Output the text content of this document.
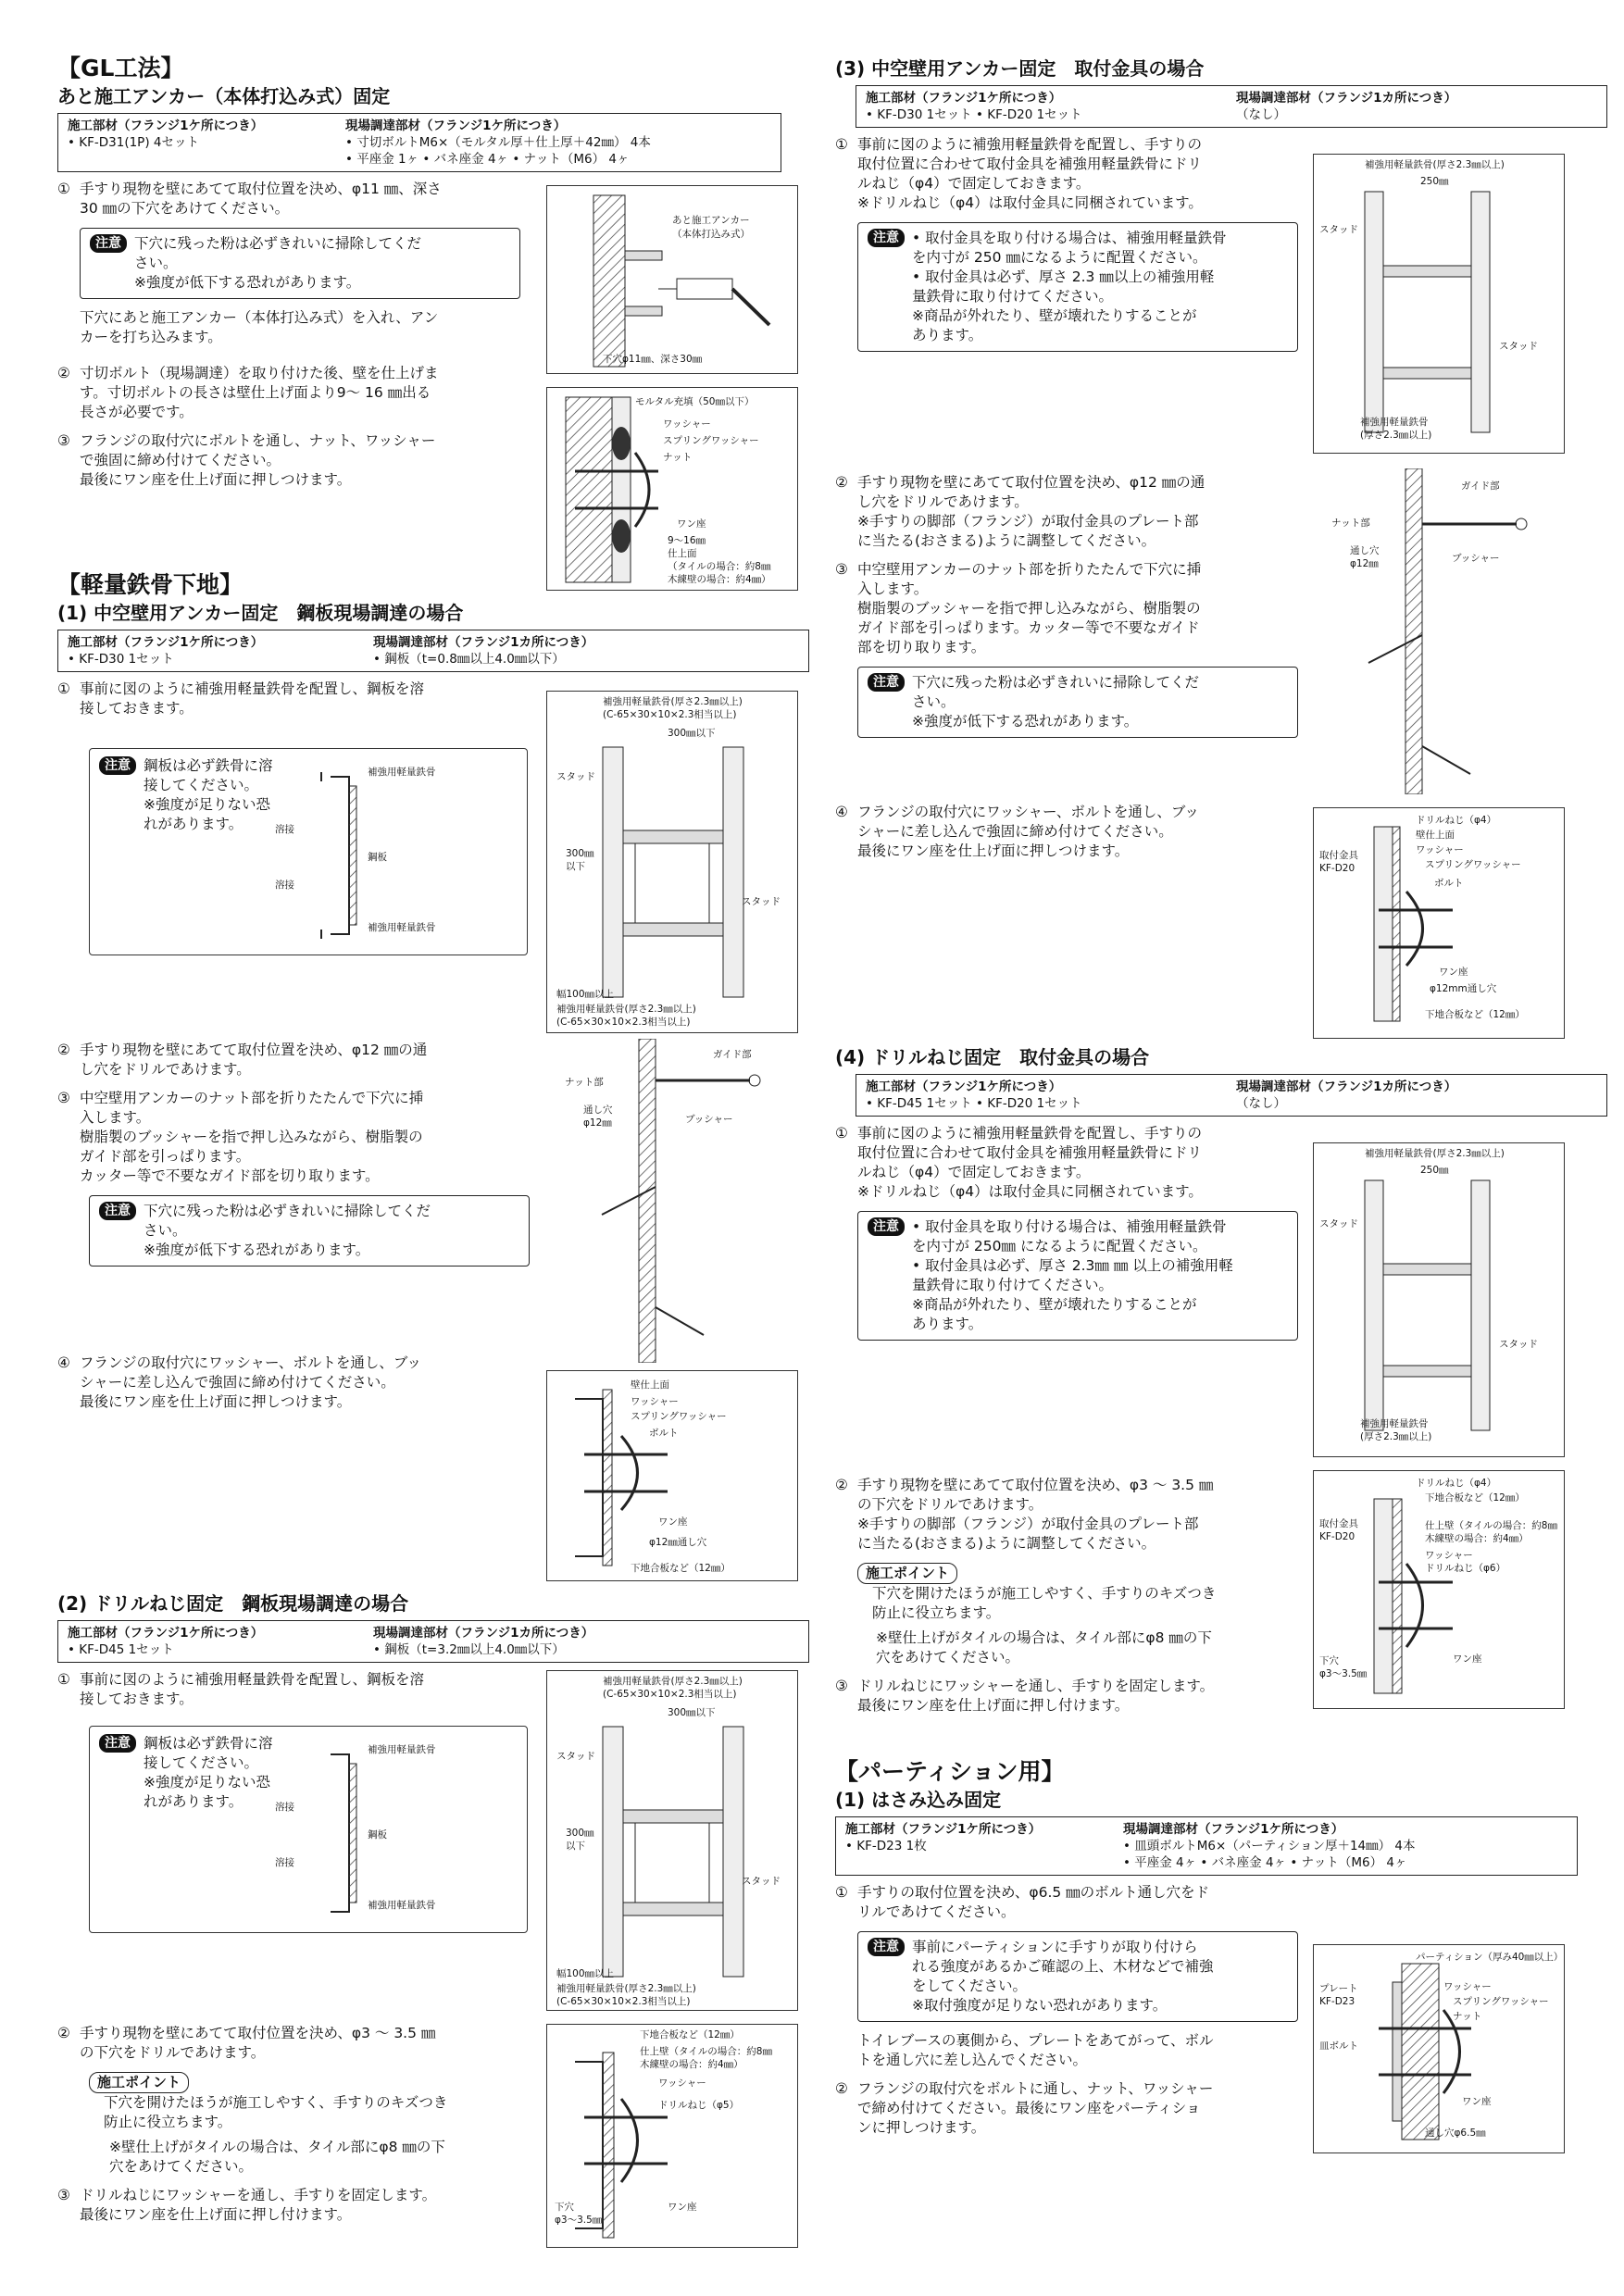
【GL工法】
あと施工アンカー（本体打込み式）固定
施工部材（フランジ1ケ所につき）
• KF-D31(1P) 4セット
現場調達部材（フランジ1ケ所につき）
• 寸切ボルトM6×（モルタル厚＋仕上厚＋42㎜） 4本
• 平座金 1ヶ • バネ座金 4ヶ • ナット（M6） 4ヶ
① 手すり現物を壁にあてて取付位置を決め、φ11 ㎜、深さ
30 ㎜の下穴をあけてください。
注意 下穴に残った粉は必ずきれいに掃除してくだ
さい。
※強度が低下する恐れがあります。
下穴にあと施工アンカー（本体打込み式）を入れ、アン
カーを打ち込みます。
② 寸切ボルト（現場調達）を取り付けた後、壁を仕上げま
す。寸切ボルトの長さは壁仕上げ面より9～ 16 ㎜出る
長さが必要です。
③ フランジの取付穴にボルトを通し、ナット、ワッシャー
で強固に締め付けてください。
最後にワン座を仕上げ面に押しつけます。
あと施工アンカー
（本体打込み式）
下穴φ11㎜、深さ30㎜
モルタル充填（50㎜以下）
ワッシャー
スプリングワッシャー
ナット
ワン座
9～16㎜
仕上面
（タイルの場合：約8㎜
木練壁の場合：約4㎜）
【軽量鉄骨下地】
(1) 中空壁用アンカー固定　鋼板現場調達の場合
施工部材（フランジ1ケ所につき）
• KF-D30 1セット
現場調達部材（フランジ1カ所につき）
• 鋼板（t=0.8㎜以上4.0㎜以下）
① 事前に図のように補強用軽量鉄骨を配置し、鋼板を溶
接しておきます。
注意 鋼板は必ず鉄骨に溶
接してください。
※強度が足りない恐
れがあります。
補強用軽量鉄骨
溶接
鋼板
溶接
補強用軽量鉄骨
補強用軽量鉄骨(厚さ2.3㎜以上)
(C-65×30×10×2.3相当以上)
300㎜以下
スタッド
300㎜
以下
スタッド
幅100㎜以上
補強用軽量鉄骨(厚さ2.3㎜以上)
(C-65×30×10×2.3相当以上)
② 手すり現物を壁にあてて取付位置を決め、φ12 ㎜の通
し穴をドリルであけます。
③ 中空壁用アンカーのナット部を折りたたんで下穴に挿
入します。
樹脂製のブッシャーを指で押し込みながら、樹脂製の
ガイド部を引っぱります。
カッター等で不要なガイド部を切り取ります。
注意 下穴に残った粉は必ずきれいに掃除してくだ
さい。
※強度が低下する恐れがあります。
④ フランジの取付穴にワッシャー、ボルトを通し、ブッ
シャーに差し込んで強固に締め付けてください。
最後にワン座を仕上げ面に押しつけます。
ガイド部
ナット部
通し穴
φ12㎜	ブッシャー
壁仕上面
ワッシャー
スプリングワッシャー
ボルト
ワン座
φ12㎜通し穴
下地合板など（12㎜）
(2) ドリルねじ固定　鋼板現場調達の場合
施工部材（フランジ1ケ所につき）
• KF-D45 1セット
現場調達部材（フランジ1カ所につき）
• 鋼板（t=3.2㎜以上4.0㎜以下）
① 事前に図のように補強用軽量鉄骨を配置し、鋼板を溶
接しておきます。
注意 鋼板は必ず鉄骨に溶
接してください。
※強度が足りない恐
れがあります。
補強用軽量鉄骨
溶接
鋼板
溶接
補強用軽量鉄骨
補強用軽量鉄骨(厚さ2.3㎜以上)
(C-65×30×10×2.3相当以上)
300㎜以下
スタッド
300㎜
以下
スタッド
幅100㎜以上
補強用軽量鉄骨(厚さ2.3㎜以上)
(C-65×30×10×2.3相当以上)
② 手すり現物を壁にあてて取付位置を決め、φ3 ～ 3.5 ㎜
の下穴をドリルであけます。
施工ポイント
下穴を開けたほうが施工しやすく、手すりのキズつき
防止に役立ちます。
※壁仕上げがタイルの場合は、タイル部にφ8 ㎜の下
穴をあけてください。
③ ドリルねじにワッシャーを通し、手すりを固定します。
最後にワン座を仕上げ面に押し付けます。
下地合板など（12㎜）
仕上壁（タイルの場合：約8㎜
木練壁の場合：約4㎜）
ワッシャー
ドリルねじ（φ5）
下穴
φ3～3.5㎜
ワン座
(3) 中空壁用アンカー固定　取付金具の場合
施工部材（フランジ1ケ所につき）
• KF-D30 1セット • KF-D20 1セット
現場調達部材（フランジ1カ所につき）
（なし）
① 事前に図のように補強用軽量鉄骨を配置し、手すりの
取付位置に合わせて取付金具を補強用軽量鉄骨にドリ
ルねじ（φ4）で固定しておきます。
※ドリルねじ（φ4）は取付金具に同梱されています。
注意 • 取付金具を取り付ける場合は、補強用軽量鉄骨
を内寸が 250 ㎜になるように配置ください。
• 取付金具は必ず、厚さ 2.3 ㎜以上の補強用軽
量鉄骨に取り付けてください。
※商品が外れたり、壁が壊れたりすることが
あります。
補強用軽量鉄骨(厚さ2.3㎜以上)
250㎜
スタッド
スタッド
補強用軽量鉄骨
(厚さ2.3㎜以上)
② 手すり現物を壁にあてて取付位置を決め、φ12 ㎜の通
し穴をドリルであけます。
※手すりの脚部（フランジ）が取付金具のプレート部
に当たる(おさまる)ように調整してください。
③ 中空壁用アンカーのナット部を折りたたんで下穴に挿
入します。
樹脂製のブッシャーを指で押し込みながら、樹脂製の
ガイド部を引っぱります。カッター等で不要なガイド
部を切り取ります。
注意 下穴に残った粉は必ずきれいに掃除してくだ
さい。
※強度が低下する恐れがあります。
④ フランジの取付穴にワッシャー、ボルトを通し、ブッ
シャーに差し込んで強固に締め付けてください。
最後にワン座を仕上げ面に押しつけます。
ガイド部
ナット部
通し穴
φ12㎜	ブッシャー
ドリルねじ（φ4）
壁仕上面
ワッシャー
スプリングワッシャー
ボルト
取付金具
KF-D20
ワン座
φ12mm通し穴
下地合板など（12㎜）
(4) ドリルねじ固定　取付金具の場合
施工部材（フランジ1ケ所につき）
• KF-D45 1セット • KF-D20 1セット
現場調達部材（フランジ1カ所につき）
（なし）
① 事前に図のように補強用軽量鉄骨を配置し、手すりの
取付位置に合わせて取付金具を補強用軽量鉄骨にドリ
ルねじ（φ4）で固定しておきます。
※ドリルねじ（φ4）は取付金具に同梱されています。
注意 • 取付金具を取り付ける場合は、補強用軽量鉄骨
を内寸が 250㎜ になるように配置ください。
• 取付金具は必ず、厚さ 2.3㎜ ㎜ 以上の補強用軽
量鉄骨に取り付けてください。
※商品が外れたり、壁が壊れたりすることが
あります。
補強用軽量鉄骨(厚さ2.3㎜以上)
250㎜
スタッド
スタッド
補強用軽量鉄骨
(厚さ2.3㎜以上)
② 手すり現物を壁にあてて取付位置を決め、φ3 ～ 3.5 ㎜
の下穴をドリルであけます。
※手すりの脚部（フランジ）が取付金具のプレート部
に当たる(おさまる)ように調整してください。
施工ポイント
下穴を開けたほうが施工しやすく、手すりのキズつき
防止に役立ちます。
※壁仕上げがタイルの場合は、タイル部にφ8 ㎜の下
穴をあけてください。
③ ドリルねじにワッシャーを通し、手すりを固定します。
最後にワン座を仕上げ面に押し付けます。
ドリルねじ（φ4）
下地合板など（12㎜）
取付金具
KF-D20
仕上壁（タイルの場合：約8㎜
木練壁の場合：約4㎜）
ワッシャー
ドリルねじ（φ6）
下穴
φ3～3.5㎜
ワン座
【パーティション用】
(1) はさみ込み固定
施工部材（フランジ1ケ所につき）
• KF-D23 1枚
現場調達部材（フランジ1ケ所につき）
• 皿頭ボルトM6×（パーティション厚＋14㎜） 4本
• 平座金 4ヶ • バネ座金 4ヶ • ナット（M6） 4ヶ
① 手すりの取付位置を決め、φ6.5 ㎜のボルト通し穴をド
リルであけてください。
注意 事前にパーティションに手すりが取り付けら
れる強度があるかご確認の上、木材などで補強
をしてください。
※取付強度が足りない恐れがあります。
トイレブースの裏側から、プレートをあてがって、ボル
トを通し穴に差し込んでください。
② フランジの取付穴をボルトに通し、ナット、ワッシャー
で締め付けてください。最後にワン座をパーティショ
ンに押しつけます。
パーティション（厚み40㎜以上）
プレート
KF-D23
ワッシャー
スプリングワッシャー
ナット
皿ボルト
ワン座
通し穴φ6.5㎜
